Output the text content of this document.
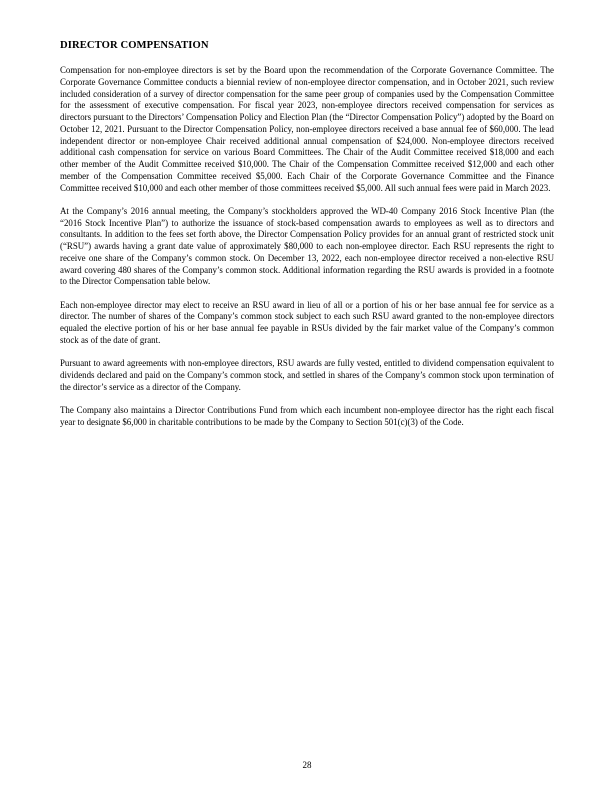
DIRECTOR COMPENSATION

Compensation for non-employee directors is set by the Board upon the recommendation of the Corporate Governance Committee. The Corporate Governance Committee conducts a biennial review of non-employee director compensation, and in October 2021, such review included consideration of a survey of director compensation for the same peer group of companies used by the Compensation Committee for the assessment of executive compensation. For fiscal year 2023, non-employee directors received compensation for services as directors pursuant to the Directors’ Compensation Policy and Election Plan (the “Director Compensation Policy”) adopted by the Board on October 12, 2021. Pursuant to the Director Compensation Policy, non-employee directors received a base annual fee of $60,000. The lead independent director or non-employee Chair received additional annual compensation of $24,000. Non-employee directors received additional cash compensation for service on various Board Committees. The Chair of the Audit Committee received $18,000 and each other member of the Audit Committee received $10,000. The Chair of the Compensation Committee received $12,000 and each other member of the Compensation Committee received $5,000. Each Chair of the Corporate Governance Committee and the Finance Committee received $10,000 and each other member of those committees received $5,000. All such annual fees were paid in March 2023.

At the Company’s 2016 annual meeting, the Company’s stockholders approved the WD-40 Company 2016 Stock Incentive Plan (the “2016 Stock Incentive Plan”) to authorize the issuance of stock-based compensation awards to employees as well as to directors and consultants. In addition to the fees set forth above, the Director Compensation Policy provides for an annual grant of restricted stock unit (“RSU”) awards having a grant date value of approximately $80,000 to each non-employee director. Each RSU represents the right to receive one share of the Company’s common stock. On December 13, 2022, each non-employee director received a non-elective RSU award covering 480 shares of the Company’s common stock. Additional information regarding the RSU awards is provided in a footnote to the Director Compensation table below.

Each non-employee director may elect to receive an RSU award in lieu of all or a portion of his or her base annual fee for service as a director. The number of shares of the Company’s common stock subject to each such RSU award granted to the non-employee directors equaled the elective portion of his or her base annual fee payable in RSUs divided by the fair market value of the Company’s common stock as of the date of grant.

Pursuant to award agreements with non-employee directors, RSU awards are fully vested, entitled to dividend compensation equivalent to dividends declared and paid on the Company’s common stock, and settled in shares of the Company’s common stock upon termination of the director’s service as a director of the Company.

The Company also maintains a Director Contributions Fund from which each incumbent non-employee director has the right each fiscal year to designate $6,000 in charitable contributions to be made by the Company to Section 501(c)(3) of the Code.

28
